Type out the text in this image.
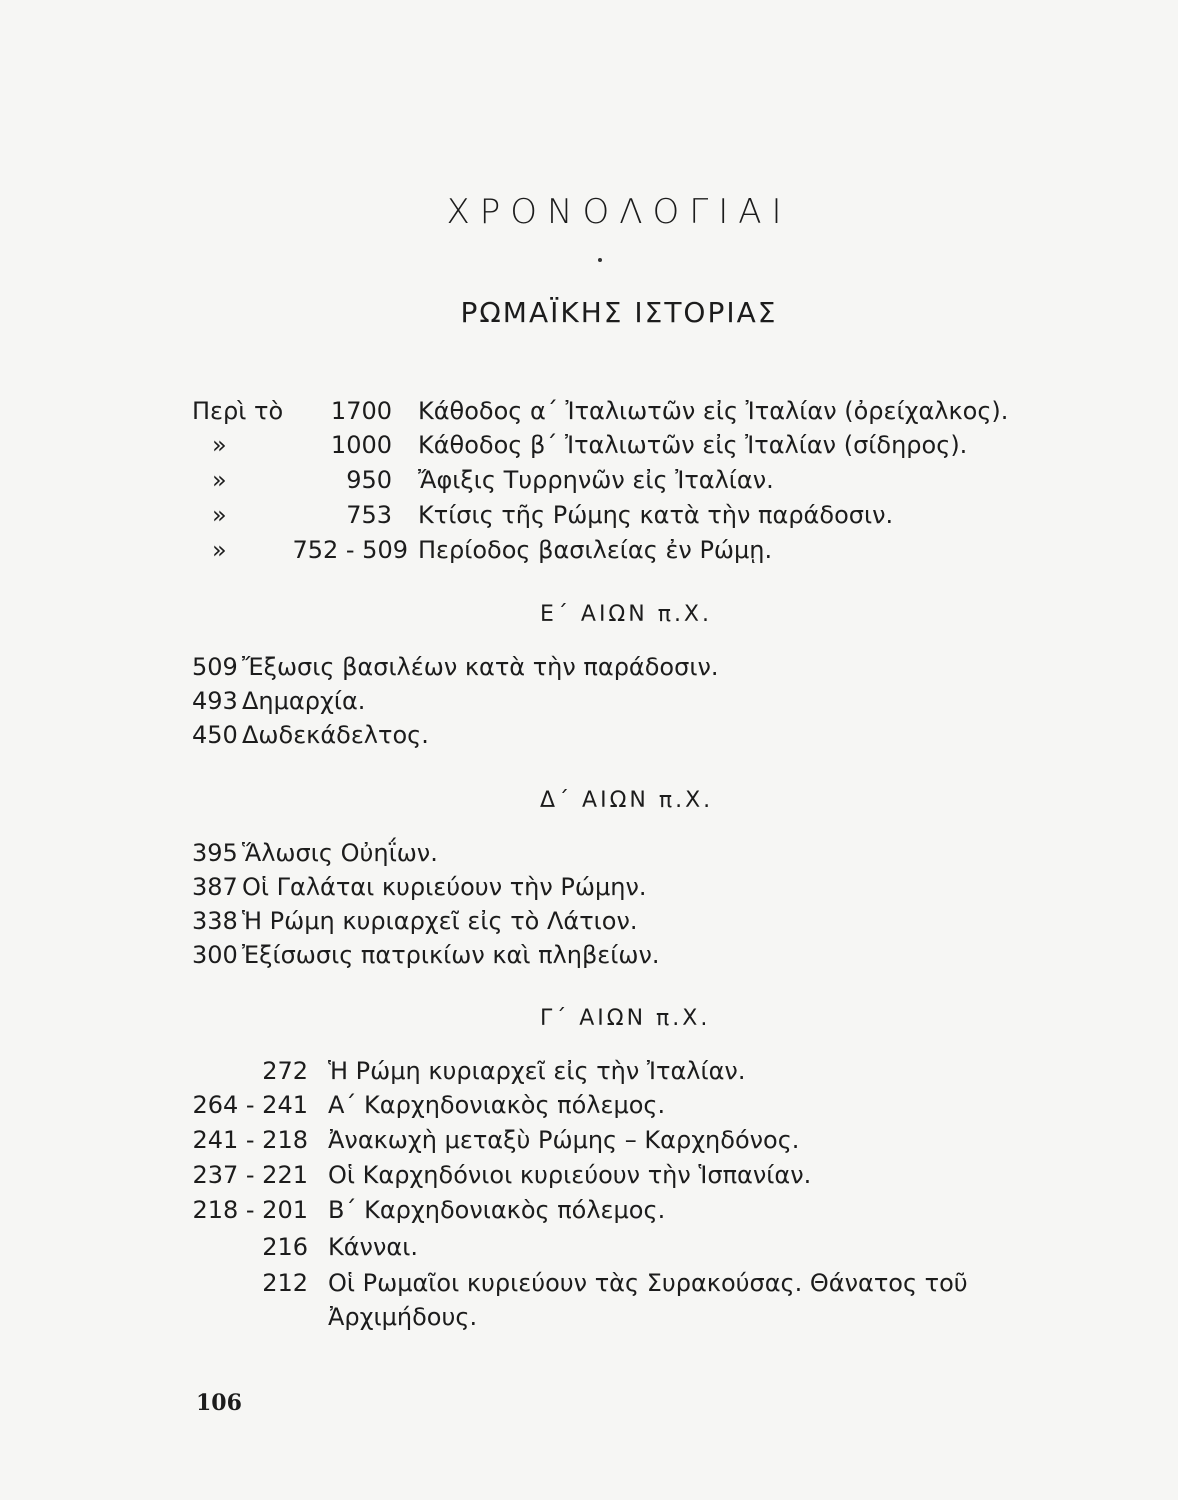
ΧΡΟΝΟΛΟΓΙΑΙ
ΡΩΜΑΪΚΗΣ ΙΣΤΟΡΙΑΣ
Περὶ τὸ	1700 Κάθοδος α΄ Ἰταλιωτῶν εἰς Ἰταλίαν (ὀρείχαλκος).
»	1000 Κάθοδος β΄ Ἰταλιωτῶν εἰς Ἰταλίαν (σίδηρος).
»	950 Ἄφιξις Τυρρηνῶν εἰς Ἰταλίαν.
»	753 Κτίσις τῆς Ρώμης κατὰ τὴν παράδοσιν.
»	752 - 509 Περίοδος βασιλείας ἐν Ρώμῃ.
Ε΄ ΑΙΩΝ π.Χ.
509 Ἔξωσις βασιλέων κατὰ τὴν παράδοσιν.
493 Δημαρχία.
450 Δωδεκάδελτος.
Δ΄ ΑΙΩΝ π.Χ.
395 Ἅλωσις Οὐηΐων.
387 Οἱ Γαλάται κυριεύουν τὴν Ρώμην.
338 Ἡ Ρώμη κυριαρχεῖ εἰς τὸ Λάτιον.
300 Ἐξίσωσις πατρικίων καὶ πληβείων.
Γ΄ ΑΙΩΝ π.Χ.
272 Ἡ Ρώμη κυριαρχεῖ εἰς τὴν Ἰταλίαν.
264 - 241 Α΄ Καρχηδονιακὸς πόλεμος.
241 - 218 Ἀνακωχὴ μεταξὺ Ρώμης – Καρχηδόνος.
237 - 221 Οἱ Καρχηδόνιοι κυριεύουν τὴν Ἱσπανίαν.
218 - 201 Β΄ Καρχηδονιακὸς πόλεμος.
216 Κάνναι.
212 Οἱ Ρωμαῖοι κυριεύουν τὰς Συρακούσας. Θάνατος τοῦ
Ἀρχιμήδους.
106
